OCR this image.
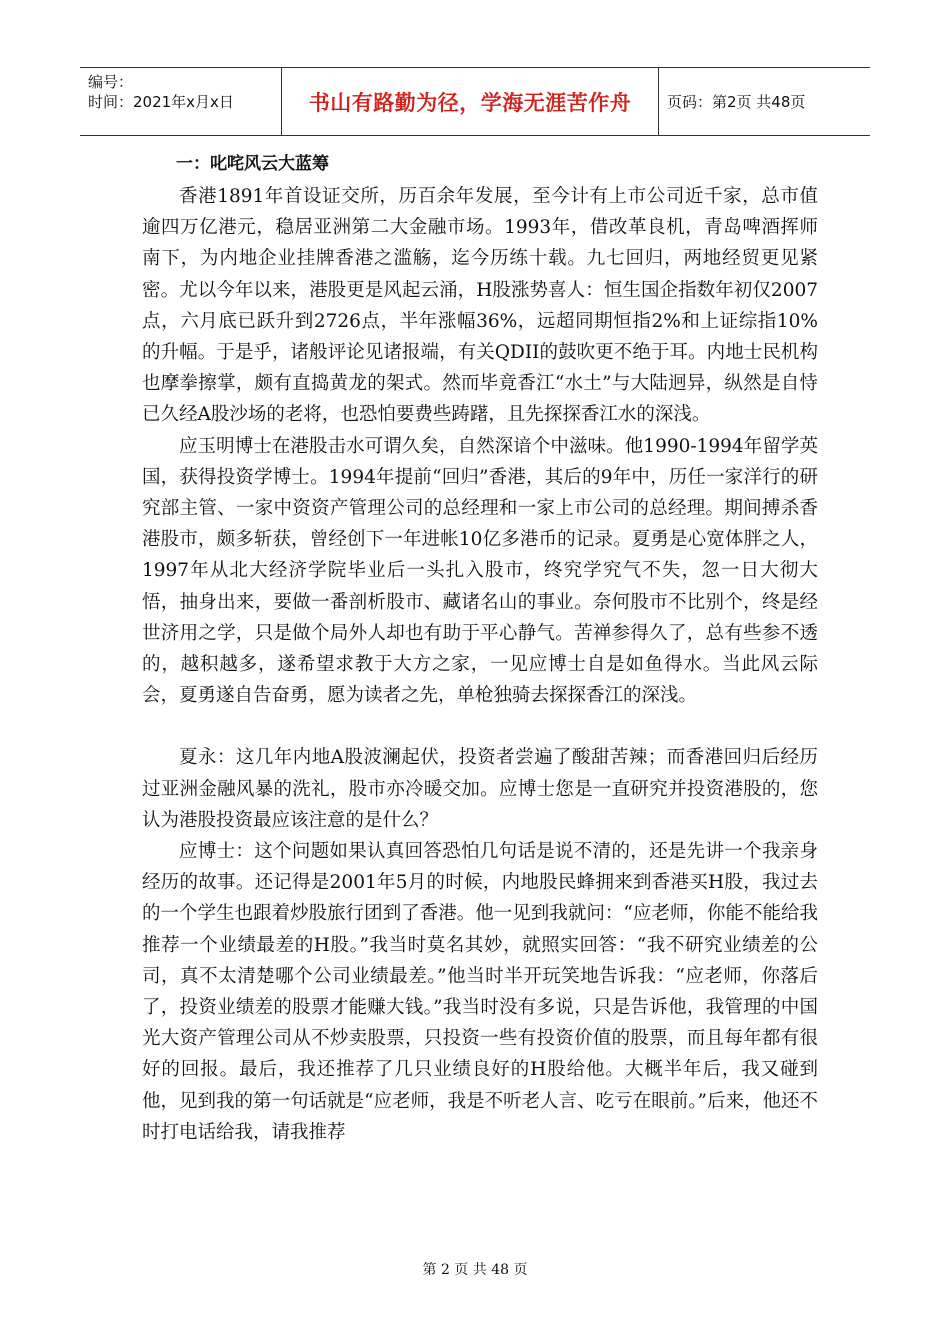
编号：
时间：2021年x月x日	书山有路勤为径，学海无涯苦作舟	页码：第2页 共48页
一：叱咤风云大蓝筹

香港1891年首设证交所，历百余年发展，至今计有上市公司近千家，总市值逾四万亿港元，稳居亚洲第二大金融市场。1993年，借改革良机，青岛啤酒挥师南下，为内地企业挂牌香港之滥觞，迄今历练十载。九七回归，两地经贸更见紧密。尤以今年以来，港股更是风起云涌，H股涨势喜人：恒生国企指数年初仅2007点，六月底已跃升到2726点，半年涨幅36%，远超同期恒指2%和上证综指10%的升幅。于是乎，诸般评论见诸报端，有关QDII的鼓吹更不绝于耳。内地士民机构也摩拳擦掌，颇有直捣黄龙的架式。然而毕竟香江“水土”与大陆迥异，纵然是自恃已久经A股沙场的老将，也恐怕要费些踌躇，且先探探香江水的深浅。

应玉明博士在港股击水可谓久矣，自然深谙个中滋味。他1990-1994年留学英国，获得投资学博士。1994年提前“回归”香港，其后的9年中，历任一家洋行的研究部主管、一家中资资产管理公司的总经理和一家上市公司的总经理。期间搏杀香港股市，颇多斩获，曾经创下一年进帐10亿多港币的记录。夏勇是心宽体胖之人，1997年从北大经济学院毕业后一头扎入股市，终究学究气不失，忽一日大彻大悟，抽身出来，要做一番剖析股市、藏诸名山的事业。奈何股市不比别个，终是经世济用之学，只是做个局外人却也有助于平心静气。苦禅参得久了，总有些参不透的，越积越多，遂希望求教于大方之家，一见应博士自是如鱼得水。当此风云际会，夏勇遂自告奋勇，愿为读者之先，单枪独骑去探探香江的深浅。

夏永：这几年内地A股波澜起伏，投资者尝遍了酸甜苦辣；而香港回归后经历过亚洲金融风暴的洗礼，股市亦冷暖交加。应博士您是一直研究并投资港股的，您认为港股投资最应该注意的是什么？

应博士：这个问题如果认真回答恐怕几句话是说不清的，还是先讲一个我亲身经历的故事。还记得是2001年5月的时候，内地股民蜂拥来到香港买H股，我过去的一个学生也跟着炒股旅行团到了香港。他一见到我就问：“应老师，你能不能给我推荐一个业绩最差的H股。”我当时莫名其妙，就照实回答：“我不研究业绩差的公司，真不太清楚哪个公司业绩最差。”他当时半开玩笑地告诉我：“应老师，你落后了，投资业绩差的股票才能赚大钱。”我当时没有多说，只是告诉他，我管理的中国光大资产管理公司从不炒卖股票，只投资一些有投资价值的股票，而且每年都有很好的回报。最后，我还推荐了几只业绩良好的H股给他。大概半年后，我又碰到他，见到我的第一句话就是“应老师，我是不听老人言、吃亏在眼前。”后来，他还不时打电话给我，请我推荐

第 2 页 共 48 页
